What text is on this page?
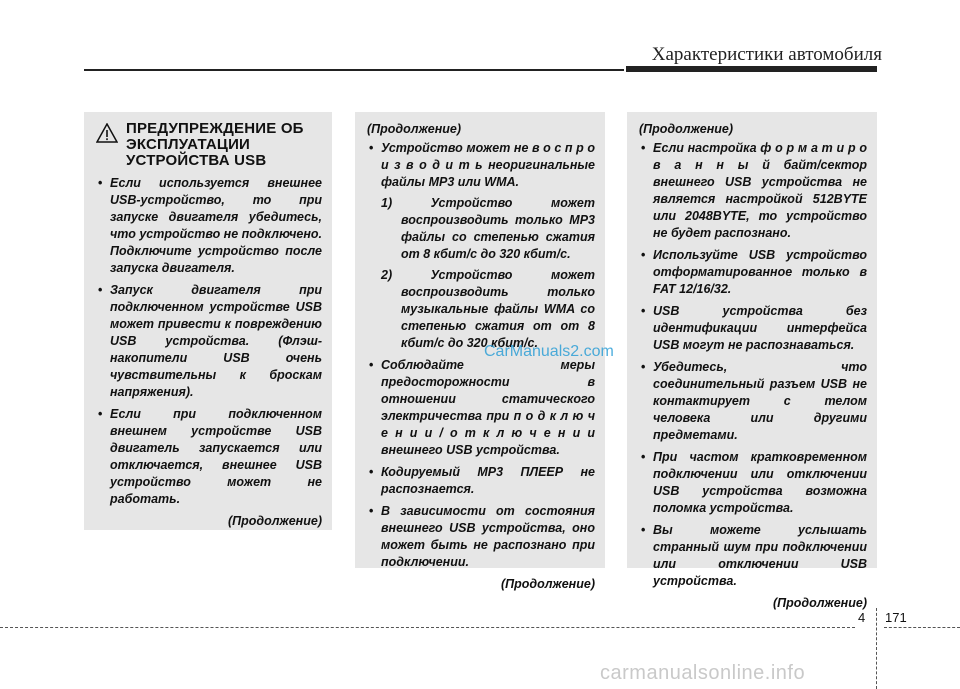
Характеристики автомобиля
ПРЕДУПРЕЖДЕНИЕ ОБ
ЭКСПЛУАТАЦИИ
УСТРОЙСТВА USB
• Если используется внешнее USB-устройство, то при запуске двигателя убедитесь, что устройство не подключено. Подключите устройство после запуска двигателя.
• Запуск двигателя при подключенном устройстве USB может привести к повреждению USB устройства. (Флэш-накопители USB очень чувствительны к броскам напряжения).
• Если при подключенном внешнем устройстве USB двигатель запускается или отключается, внешнее USB устройство может не работать.
(Продолжение)
(Продолжение)
• Устройство может не в о с п р о и з в о д и т ь неоригинальные файлы MP3 или WMA.
1) Устройство может воспроизводить только MP3 файлы со степенью сжатия от 8 кбит/с до 320 кбит/с.
2) Устройство может воспроизводить только музыкальные файлы WMA со степенью сжатия от от 8 кбит/с до 320 кбит/с.
• Соблюдайте меры предосторожности в отношении статического электричества при п о д к л ю ч е н и и / о т к л ю ч е н и и внешнего USB устройства.
• Кодируемый MP3 ПЛЕЕР не распознается.
• В зависимости от состояния внешнего USB устройства, оно может быть не распознано при подключении.
(Продолжение)
(Продолжение)
• Если настройка ф о р м а т и р о в а н н ы й байт/сектор внешнего USB устройства не является настройкой 512BYTE или 2048BYTE, то устройство не будет распознано.
• Используйте USB устройство отформатированное только в FAT 12/16/32.
• USB устройства без идентификации интерфейса USB могут не распознаваться.
• Убедитесь, что соединительный разъем USB не контактирует с телом человека или другими предметами.
• При частом кратковременном подключении или отключении USB устройства возможна поломка устройства.
• Вы можете услышать странный шум при подключении или отключении USB устройства.
(Продолжение)
CarManuals2.com
4 171
carmanualsonline.info
